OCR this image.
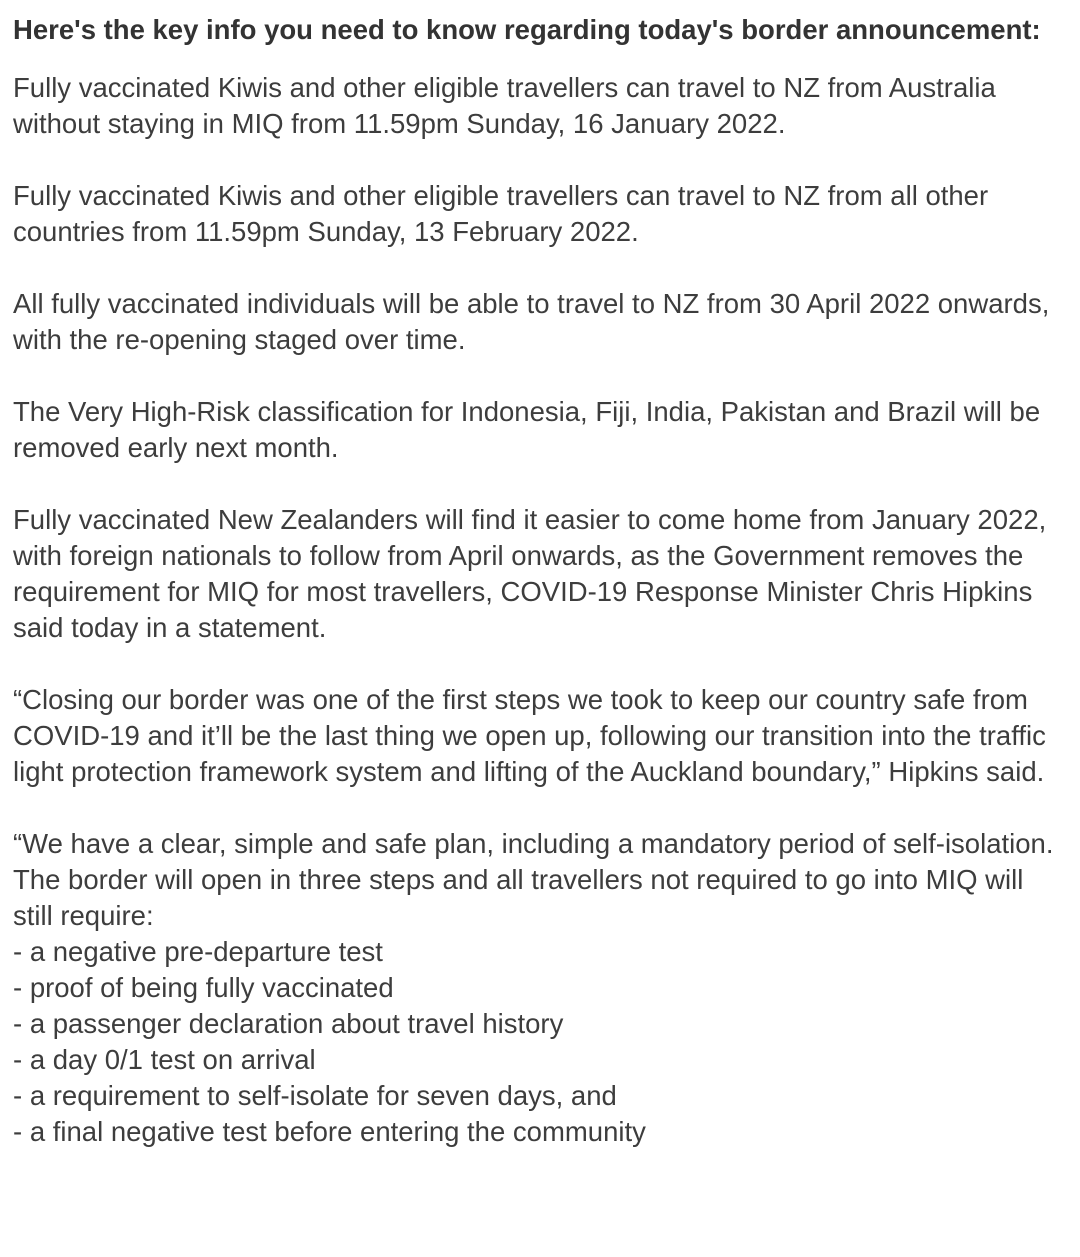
Here's the key info you need to know regarding today's border announcement:

Fully vaccinated Kiwis and other eligible travellers can travel to NZ from Australia without staying in MIQ from 11.59pm Sunday, 16 January 2022.

Fully vaccinated Kiwis and other eligible travellers can travel to NZ from all other countries from 11.59pm Sunday, 13 February 2022.

All fully vaccinated individuals will be able to travel to NZ from 30 April 2022 onwards, with the re-opening staged over time.

The Very High-Risk classification for Indonesia, Fiji, India, Pakistan and Brazil will be removed early next month.

Fully vaccinated New Zealanders will find it easier to come home from January 2022, with foreign nationals to follow from April onwards, as the Government removes the requirement for MIQ for most travellers, COVID-19 Response Minister Chris Hipkins said today in a statement.

“Closing our border was one of the first steps we took to keep our country safe from COVID-19 and it’ll be the last thing we open up, following our transition into the traffic light protection framework system and lifting of the Auckland boundary,” Hipkins said.

“We have a clear, simple and safe plan, including a mandatory period of self-isolation. The border will open in three steps and all travellers not required to go into MIQ will still require:

- a negative pre-departure test
- proof of being fully vaccinated
- a passenger declaration about travel history
- a day 0/1 test on arrival
- a requirement to self-isolate for seven days, and
- a final negative test before entering the community
